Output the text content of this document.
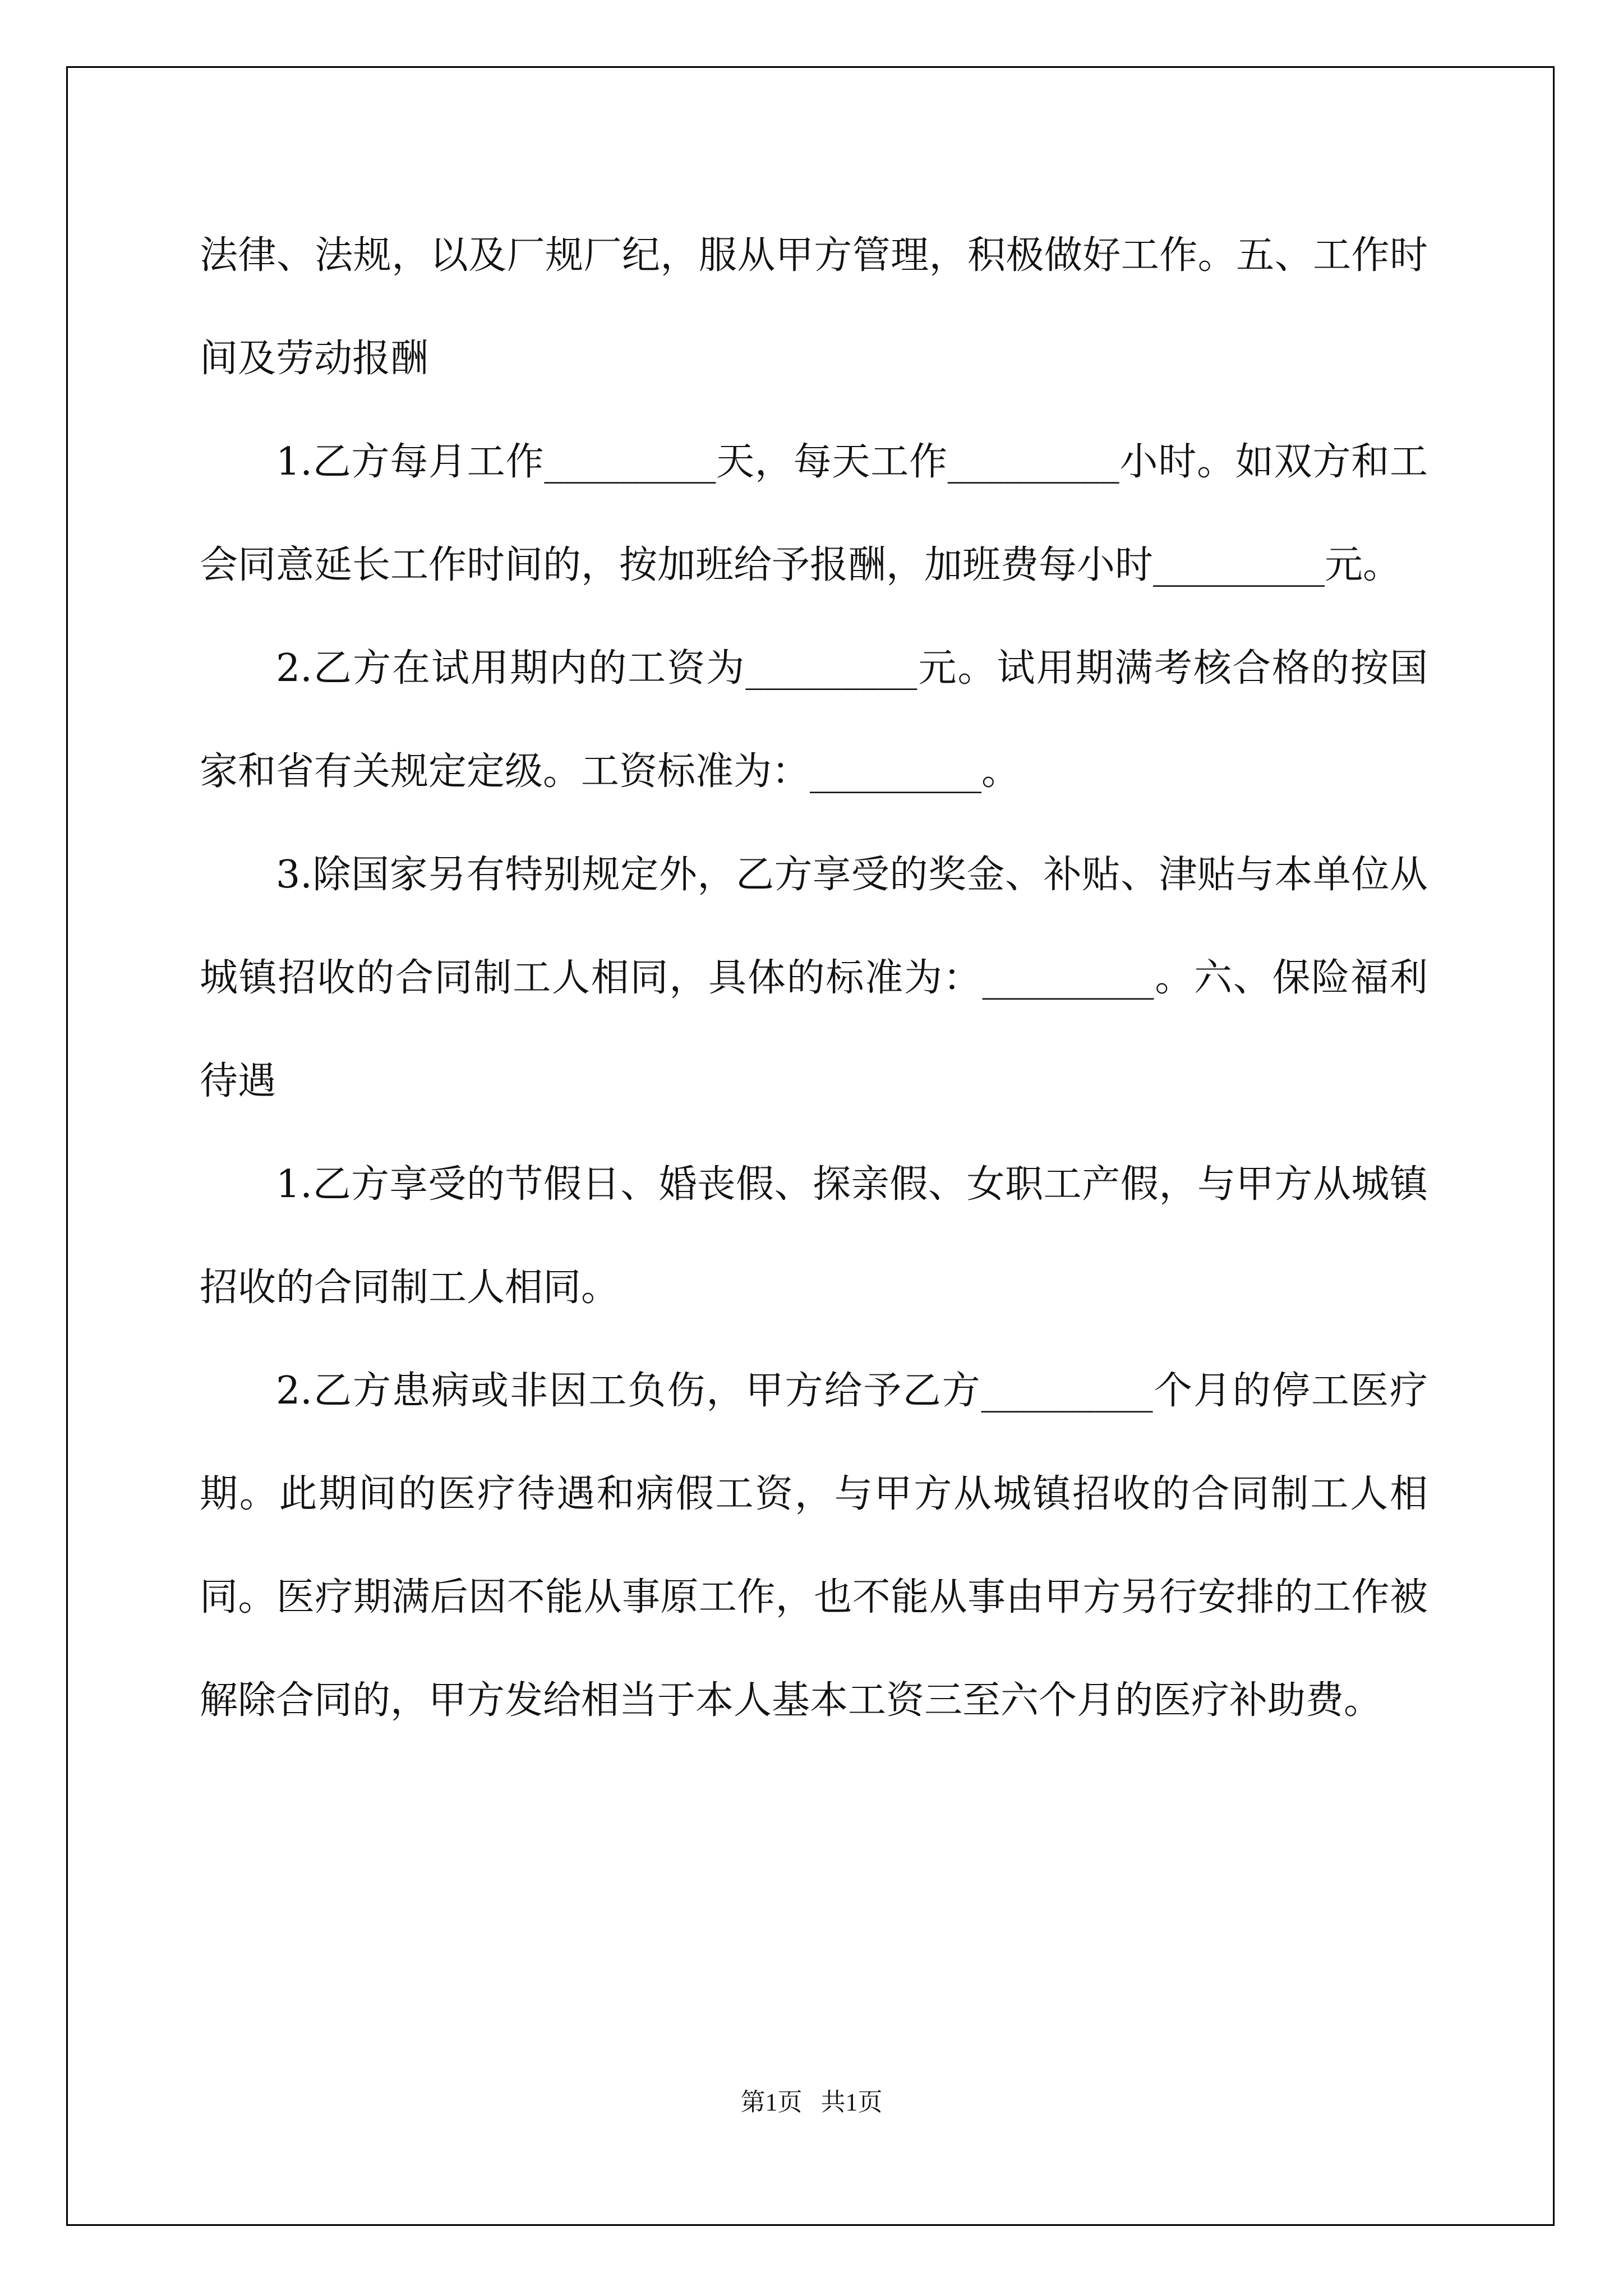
法律、法规，以及厂规厂纪，服从甲方管理，积极做好工作。五、工作时间及劳动报酬

1.乙方每月工作_________天，每天工作_________小时。如双方和工会同意延长工作时间的，按加班给予报酬，加班费每小时_________元。

2.乙方在试用期内的工资为_________元。试用期满考核合格的按国家和省有关规定定级。工资标准为：_________。

3.除国家另有特别规定外，乙方享受的奖金、补贴、津贴与本单位从城镇招收的合同制工人相同，具体的标准为：_________。六、保险福利待遇

1.乙方享受的节假日、婚丧假、探亲假、女职工产假，与甲方从城镇招收的合同制工人相同。

2.乙方患病或非因工负伤，甲方给予乙方_________个月的停工医疗期。此期间的医疗待遇和病假工资，与甲方从城镇招收的合同制工人相同。医疗期满后因不能从事原工作，也不能从事由甲方另行安排的工作被解除合同的，甲方发给相当于本人基本工资三至六个月的医疗补助费。

第1页   共1页
